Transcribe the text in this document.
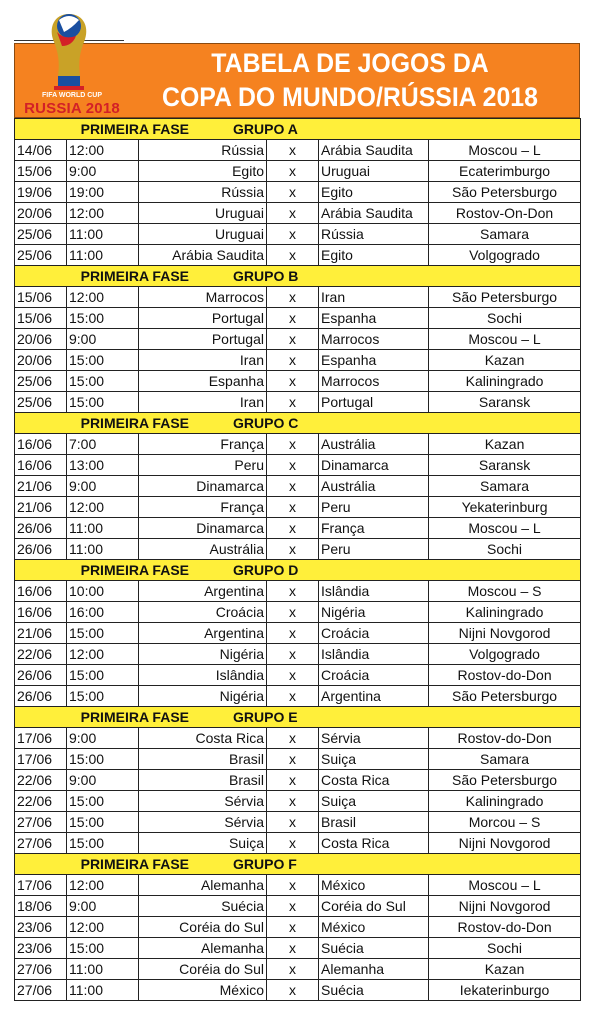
TABELA DE JOGOS DA
COPA DO MUNDO/RÚSSIA 2018
FIFA WORLD CUP
RUSSIA 2018
PRIMEIRA FASE GRUPO A					
14/06	12:00	Rússia	x	Arábia Saudita	Moscou – L
15/06	9:00	Egito	x	Uruguai	Ecaterimburgo
19/06	19:00	Rússia	x	Egito	São Petersburgo
20/06	12:00	Uruguai	x	Arábia Saudita	Rostov-On-Don
25/06	11:00	Uruguai	x	Rússia	Samara
25/06	11:00	Arábia Saudita	x	Egito	Volgogrado
PRIMEIRA FASE GRUPO B					
15/06	12:00	Marrocos	x	Iran	São Petersburgo
15/06	15:00	Portugal	x	Espanha	Sochi
20/06	9:00	Portugal	x	Marrocos	Moscou – L
20/06	15:00	Iran	x	Espanha	Kazan
25/06	15:00	Espanha	x	Marrocos	Kaliningrado
25/06	15:00	Iran	x	Portugal	Saransk
PRIMEIRA FASE GRUPO C					
16/06	7:00	França	x	Austrália	Kazan
16/06	13:00	Peru	x	Dinamarca	Saransk
21/06	9:00	Dinamarca	x	Austrália	Samara
21/06	12:00	França	x	Peru	Yekaterinburg
26/06	11:00	Dinamarca	x	França	Moscou – L
26/06	11:00	Austrália	x	Peru	Sochi
PRIMEIRA FASE GRUPO D					
16/06	10:00	Argentina	x	Islândia	Moscou – S
16/06	16:00	Croácia	x	Nigéria	Kaliningrado
21/06	15:00	Argentina	x	Croácia	Nijni Novgorod
22/06	12:00	Nigéria	x	Islândia	Volgogrado
26/06	15:00	Islândia	x	Croácia	Rostov-do-Don
26/06	15:00	Nigéria	x	Argentina	São Petersburgo
PRIMEIRA FASE GRUPO E					
17/06	9:00	Costa Rica	x	Sérvia	Rostov-do-Don
17/06	15:00	Brasil	x	Suiça	Samara
22/06	9:00	Brasil	x	Costa Rica	São Petersburgo
22/06	15:00	Sérvia	x	Suiça	Kaliningrado
27/06	15:00	Sérvia	x	Brasil	Morcou – S
27/06	15:00	Suiça	x	Costa Rica	Nijni Novgorod
PRIMEIRA FASE GRUPO F					
17/06	12:00	Alemanha	x	México	Moscou – L
18/06	9:00	Suécia	x	Coréia do Sul	Nijni Novgorod
23/06	12:00	Coréia do Sul	x	México	Rostov-do-Don
23/06	15:00	Alemanha	x	Suécia	Sochi
27/06	11:00	Coréia do Sul	x	Alemanha	Kazan
27/06	11:00	México	x	Suécia	Iekaterinburgo
